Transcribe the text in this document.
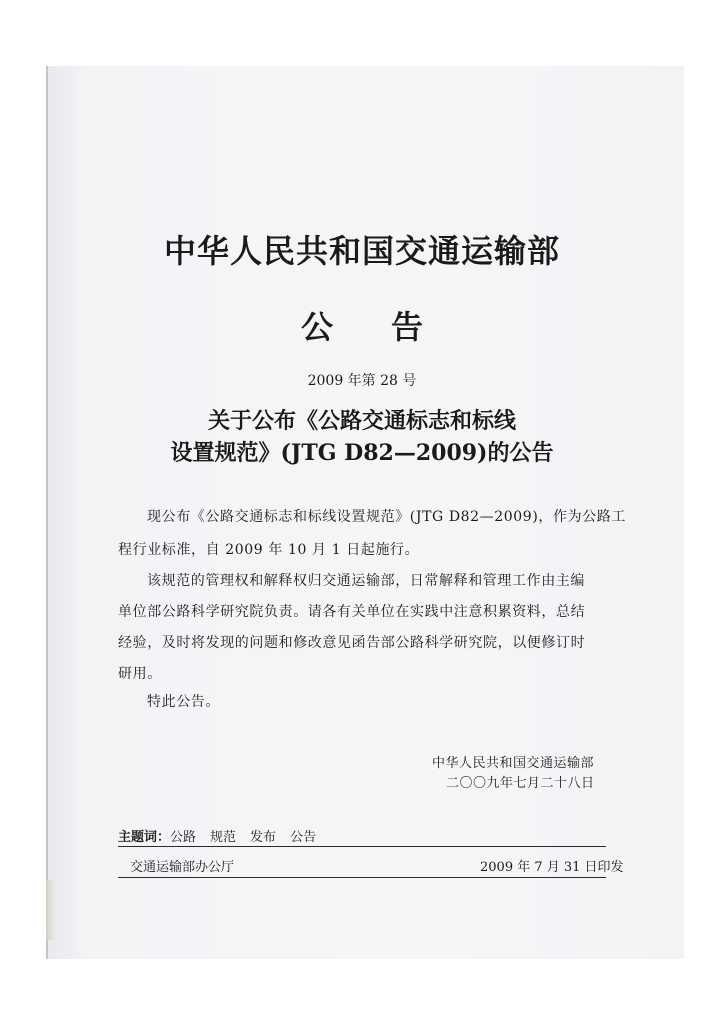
中华人民共和国交通运输部
公告
2009 年第 28 号
关于公布《公路交通标志和标线
设置规范》(JTG D82—2009)的公告
现公布《公路交通标志和标线设置规范》(JTG D82—2009)，作为公路工
程行业标准，自 2009 年 10 月 1 日起施行。
该规范的管理权和解释权归交通运输部，日常解释和管理工作由主编
单位部公路科学研究院负责。请各有关单位在实践中注意积累资料，总结
经验，及时将发现的问题和修改意见函告部公路科学研究院，以便修订时
研用。
特此公告。
中华人民共和国交通运输部
二〇〇九年七月二十八日
主题词：公路 规范 发布 公告
交通运输部办公厅	2009 年 7 月 31 日印发
